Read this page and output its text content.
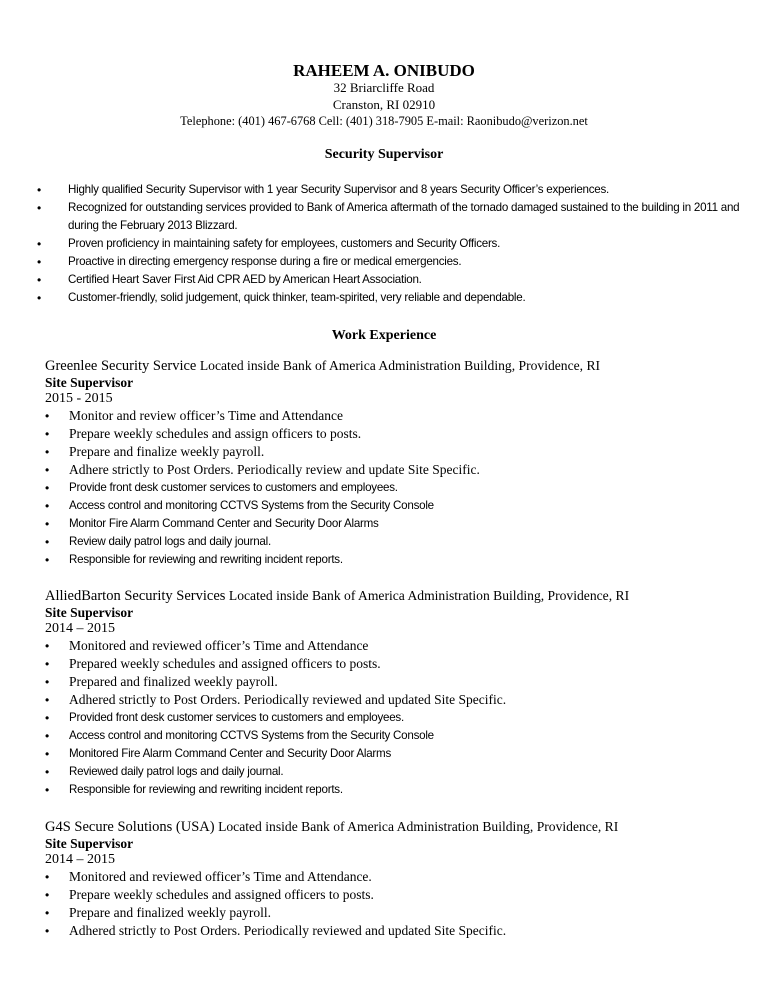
RAHEEM A. ONIBUDO
32 Briarcliffe Road
Cranston, RI 02910
Telephone: (401) 467-6768 Cell: (401) 318-7905 E-mail: Raonibudo@verizon.net
Security Supervisor
• Highly qualified Security Supervisor with 1 year Security Supervisor and 8 years Security Officer’s experiences.
• Recognized for outstanding services provided to Bank of America aftermath of the tornado damaged sustained to the building in 2011 and during the February 2013 Blizzard.
• Proven proficiency in maintaining safety for employees, customers and Security Officers.
• Proactive in directing emergency response during a fire or medical emergencies.
• Certified Heart Saver First Aid CPR AED by American Heart Association.
• Customer-friendly, solid judgement, quick thinker, team-spirited, very reliable and dependable.
Work Experience
Greenlee Security Service Located inside Bank of America Administration Building, Providence, RI
Site Supervisor
2015 - 2015
• Monitor and review officer’s Time and Attendance
• Prepare weekly schedules and assign officers to posts.
• Prepare and finalize weekly payroll.
• Adhere strictly to Post Orders. Periodically review and update Site Specific.
• Provide front desk customer services to customers and employees.
• Access control and monitoring CCTVS Systems from the Security Console
• Monitor Fire Alarm Command Center and Security Door Alarms
• Review daily patrol logs and daily journal.
• Responsible for reviewing and rewriting incident reports.
AlliedBarton Security Services Located inside Bank of America Administration Building, Providence, RI
Site Supervisor
2014 – 2015
• Monitored and reviewed officer’s Time and Attendance
• Prepared weekly schedules and assigned officers to posts.
• Prepared and finalized weekly payroll.
• Adhered strictly to Post Orders. Periodically reviewed and updated Site Specific.
• Provided front desk customer services to customers and employees.
• Access control and monitoring CCTVS Systems from the Security Console
• Monitored Fire Alarm Command Center and Security Door Alarms
• Reviewed daily patrol logs and daily journal.
• Responsible for reviewing and rewriting incident reports.
G4S Secure Solutions (USA) Located inside Bank of America Administration Building, Providence, RI
Site Supervisor
2014 – 2015
• Monitored and reviewed officer’s Time and Attendance.
• Prepare weekly schedules and assigned officers to posts.
• Prepare and finalized weekly payroll.
• Adhered strictly to Post Orders. Periodically reviewed and updated Site Specific.
